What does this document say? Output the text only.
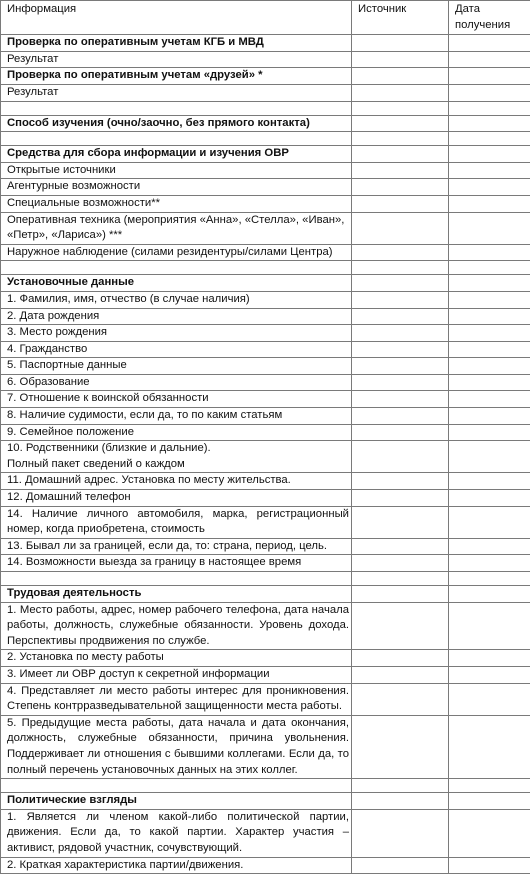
Информация	Источник	Дата получения
Проверка по оперативным учетам КГБ и МВД		
Результат		
Проверка по оперативным учетам «друзей» *		
Результат		

Способ изучения (очно/заочно, без прямого контакта)		

Средства для сбора информации и изучения ОВР		
Открытые источники		
Агентурные возможности		
Специальные возможности**		
Оперативная техника (мероприятия «Анна», «Стелла», «Иван», «Петр», «Лариса») ***		
Наружное наблюдение (силами резидентуры/силами Центра)		

Установочные данные		
1. Фамилия, имя, отчество (в случае наличия)		
2. Дата рождения		
3. Место рождения		
4. Гражданство		
5. Паспортные данные		
6. Образование		
7. Отношение к воинской обязанности		
8. Наличие судимости, если да, то по каким статьям		
9. Семейное положение		
10. Родственники (близкие и дальние).
Полный пакет сведений о каждом		
11. Домашний адрес. Установка по месту жительства.		
12. Домашний телефон		
14. Наличие личного автомобиля, марка, регистрационный номер, когда приобретена, стоимость		
13. Бывал ли за границей, если да, то: страна, период, цель.		
14. Возможности выезда за границу в настоящее время		

Трудовая деятельность		
1. Место работы, адрес, номер рабочего телефона, дата начала работы, должность, служебные обязанности. Уровень дохода. Перспективы продвижения по службе.		
2. Установка по месту работы		
3. Имеет ли ОВР доступ к секретной информации		
4. Представляет ли место работы интерес для проникновения. Степень контрразведывательной защищенности места работы.		
5. Предыдущие места работы, дата начала и дата окончания, должность, служебные обязанности, причина увольнения. Поддерживает ли отношения с бывшими коллегами. Если да, то полный перечень установочных данных на этих коллег.		

Политические взгляды		
1. Является ли членом какой-либо политической партии, движения. Если да, то какой партии. Характер участия – активист, рядовой участник, сочувствующий.		
2. Краткая характеристика партии/движения.		
